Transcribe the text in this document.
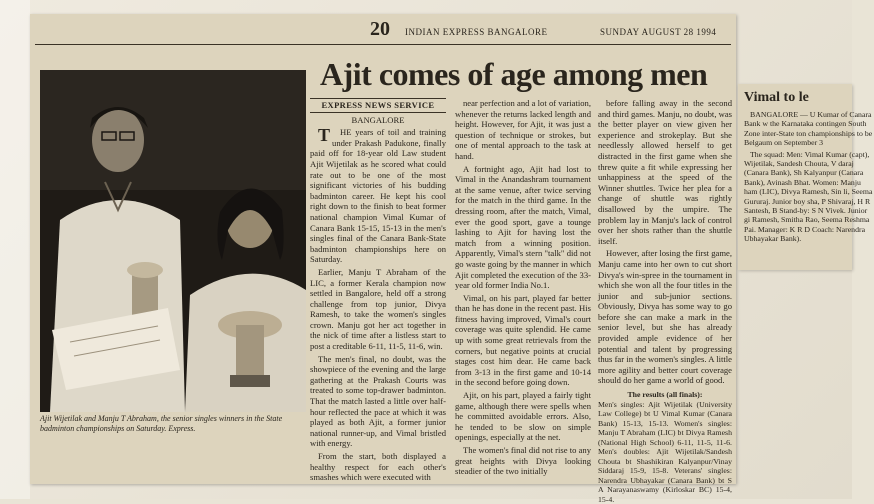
20 INDIAN EXPRESS BANGALORE	SUNDAY AUGUST 28 1994
Ajit comes of age among men
Ajit Wijetilak and Manju T Abraham, the senior singles winners in the State badminton championships on Saturday. Express.
EXPRESS NEWS SERVICE
BANGALORE

THE years of toil and training under Prakash Padukone, finally paid off for 18-year old Law student Ajit Wijetilak as he scored what could rate out to be one of the most significant victories of his budding badminton career. He kept his cool right down to the finish to beat former national champion Vimal Kumar of Canara Bank 15-15, 15-13 in the men's singles final of the Canara Bank-State badminton championships here on Saturday.

Earlier, Manju T Abraham of the LIC, a former Kerala champion now settled in Bangalore, held off a strong challenge from top junior, Divya Ramesh, to take the women's singles crown. Manju got her act together in the nick of time after a listless start to post a creditable 6-11, 11-5, 11-6, win.

The men's final, no doubt, was the showpiece of the evening and the large gathering at the Prakash Courts was treated to some top-drawer badminton. That the match lasted a little over half-hour reflected the pace at which it was played as both Ajit, a former junior national runner-up, and Vimal bristled with energy.

From the start, both displayed a healthy respect for each other's smashes which were executed with

near perfection and a lot of variation, whenever the returns lacked length and height. However, for Ajit, it was just a question of technique or strokes, but one of mental approach to the task at hand.

A fortnight ago, Ajit had lost to Vimal in the Anandashram tournament at the same venue, after twice serving for the match in the third game. In the dressing room, after the match, Vimal, ever the good sport, gave a tounge lashing to Ajit for having lost the match from a winning position. Apparently, Vimal's stern "talk" did not go waste going by the manner in which Ajit completed the execution of the 33-year old former India No.1.

Vimal, on his part, played far better than he has done in the recent past. His fitness having improved, Vimal's court coverage was quite splendid. He came up with some great retrievals from the corners, but negative points at crucial stages cost him dear. He came back from 3-13 in the first game and 10-14 in the second before going down.

Ajit, on his part, played a fairly tight game, although there were spells when he committed avoidable errors. Also, he tended to be slow on simple openings, especially at the net.

The women's final did not rise to any great heights with Divya looking steadier of the two initially

before falling away in the second and third games. Manju, no doubt, was the better player on view given her experience and strokeplay. But she needlessly allowed herself to get distracted in the first game when she threw quite a fit while expressing her unhappiness at the speed of the Winner shuttles. Twice her plea for a change of shuttle was rightly disallowed by the umpire. The problem lay in Manju's lack of control over her shots rather than the shuttle itself.

However, after losing the first game, Manju came into her own to cut short Divya's win-spree in the tournament in which she won all the four titles in the junior and sub-junior sections. Obviously, Divya has some way to go before she can make a mark in the senior level, but she has already provided ample evidence of her potential and talent by progressing thus far in the women's singles. A little more agility and better court coverage should do her game a world of good.

The results (all finals):
Men's singles: Ajit Wijetilak (University Law College) bt U Vimal Kumar (Canara Bank) 15-13, 15-13. Women's singles: Manju T Abraham (LIC) bt Divya Ramesh (National High School) 6-11, 11-5, 11-6. Men's doubles: Ajit Wijetilak/Sandesh Chouta bt Shashikiran Kalyanpur/Vinay Siddaraj 15-9, 15-8. Veterans' singles: Narendra Ubhayakar (Canara Bank) bt S A Narayanaswamy (Kirloskar BC) 15-4, 15-4.
Vimal to le

BANGALORE — U Kumar of Canara Bank w the Karnataka contingen South Zone inter-State ton championships to be Belgaum on September 3

The squad: Men: Vimal Kumar (capt), Wijetilak, Sandesh Chouta, V daraj (Canara Bank), Sh Kalyanpur (Canara Bank), Avinash Bhat. Women: Manju ham (LIC), Divya Ramesh, Sin li, Seema Gururaj. Junior boy sha, P Shivaraj, H R Santesh, B Stand-by: S N Vivek. Junior gi Ramesh, Smitha Rao, Seema Reshma Pai. Manager: K R D Coach: Narendra Ubhayakar Bank).
